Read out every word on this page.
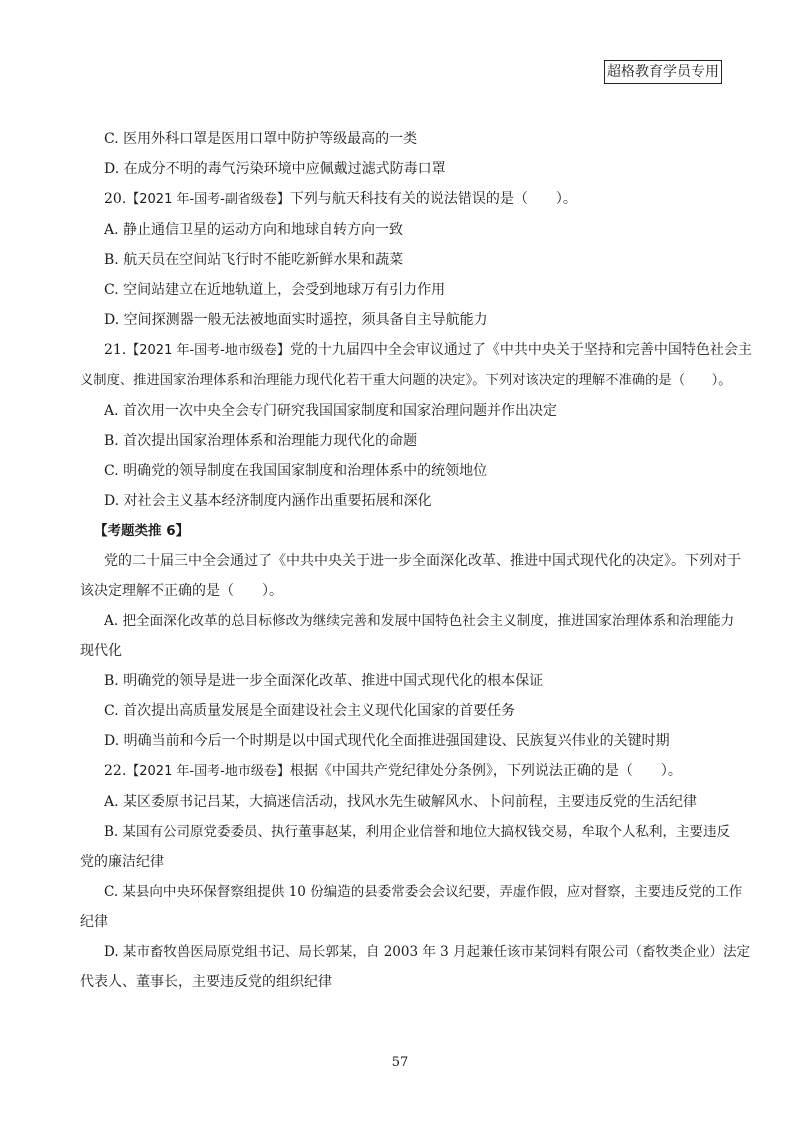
超格教育学员专用
C. 医用外科口罩是医用口罩中防护等级最高的一类
D. 在成分不明的毒气污染环境中应佩戴过滤式防毒口罩
20.【2021 年-国考-副省级卷】下列与航天科技有关的说法错误的是（　　）。
A. 静止通信卫星的运动方向和地球自转方向一致
B. 航天员在空间站飞行时不能吃新鲜水果和蔬菜
C. 空间站建立在近地轨道上，会受到地球万有引力作用
D. 空间探测器一般无法被地面实时遥控，须具备自主导航能力
21.【2021 年-国考-地市级卷】党的十九届四中全会审议通过了《中共中央关于坚持和完善中国特色社会主
义制度、推进国家治理体系和治理能力现代化若干重大问题的决定》。下列对该决定的理解不准确的是（　　）。
A. 首次用一次中央全会专门研究我国国家制度和国家治理问题并作出决定
B. 首次提出国家治理体系和治理能力现代化的命题
C. 明确党的领导制度在我国国家制度和治理体系中的统领地位
D. 对社会主义基本经济制度内涵作出重要拓展和深化
【考题类推 6】
党的二十届三中全会通过了《中共中央关于进一步全面深化改革、推进中国式现代化的决定》。下列对于
该决定理解不正确的是（　　）。
A. 把全面深化改革的总目标修改为继续完善和发展中国特色社会主义制度，推进国家治理体系和治理能力
现代化
B. 明确党的领导是进一步全面深化改革、推进中国式现代化的根本保证
C. 首次提出高质量发展是全面建设社会主义现代化国家的首要任务
D. 明确当前和今后一个时期是以中国式现代化全面推进强国建设、民族复兴伟业的关键时期
22.【2021 年-国考-地市级卷】根据《中国共产党纪律处分条例》，下列说法正确的是（　　）。
A. 某区委原书记吕某，大搞迷信活动，找风水先生破解风水、卜问前程，主要违反党的生活纪律
B. 某国有公司原党委委员、执行董事赵某，利用企业信誉和地位大搞权钱交易，牟取个人私利，主要违反
党的廉洁纪律
C. 某县向中央环保督察组提供 10 份编造的县委常委会会议纪要，弄虚作假，应对督察，主要违反党的工作
纪律
D. 某市畜牧兽医局原党组书记、局长郭某，自 2003 年 3 月起兼任该市某饲料有限公司（畜牧类企业）法定
代表人、董事长，主要违反党的组织纪律
57
